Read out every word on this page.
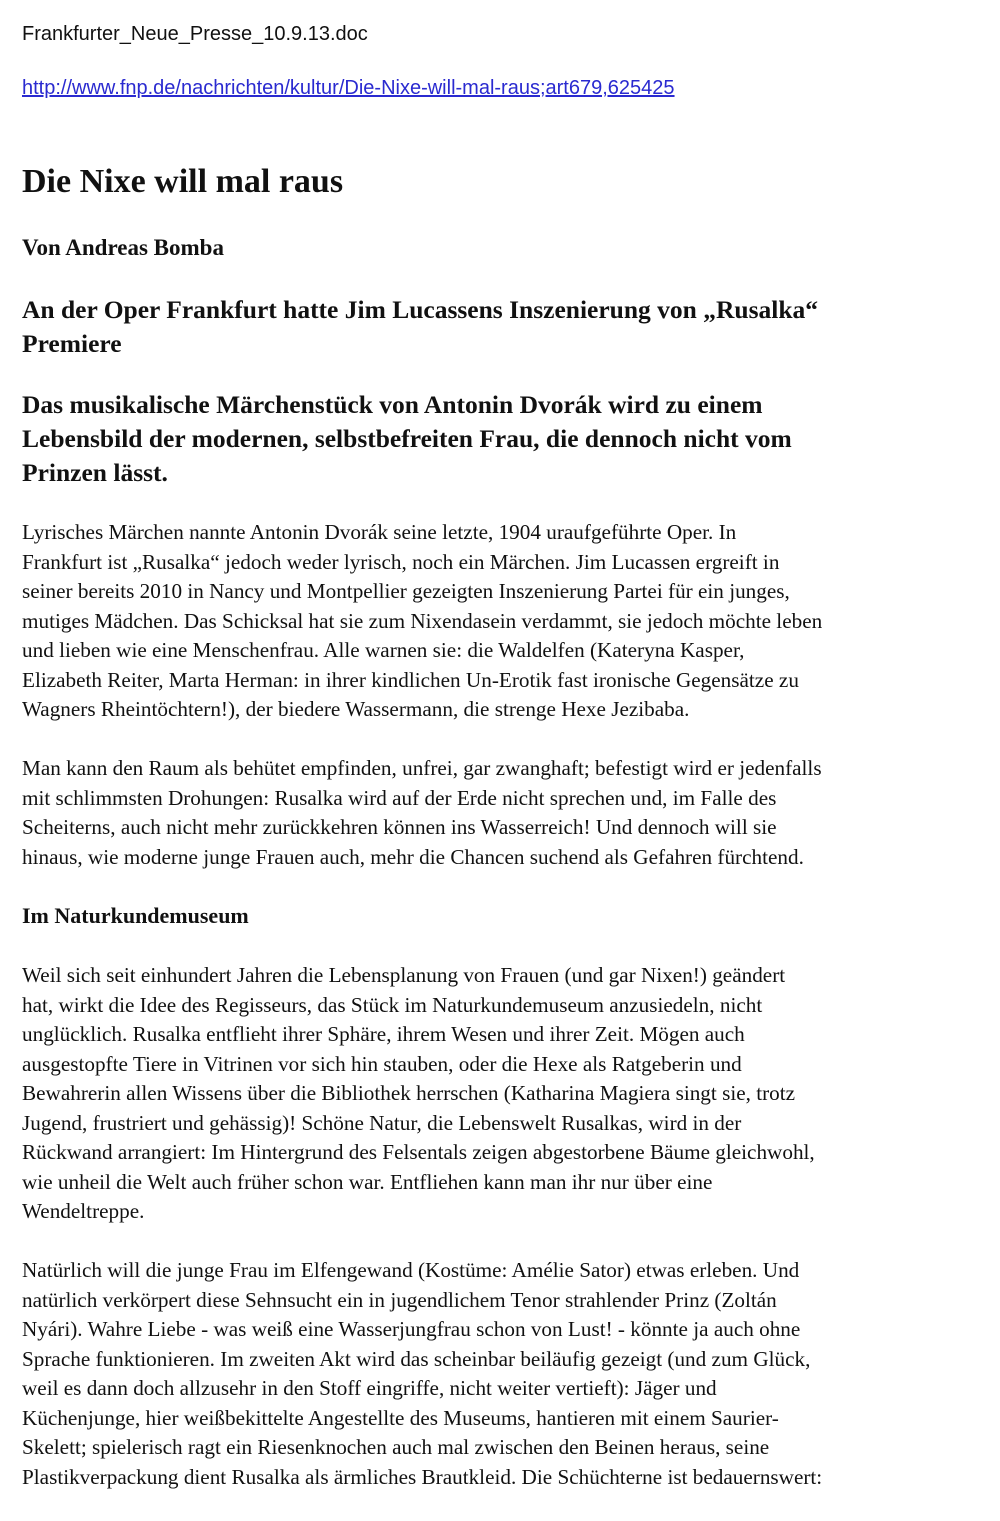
Frankfurter_Neue_Presse_10.9.13.doc
http://www.fnp.de/nachrichten/kultur/Die-Nixe-will-mal-raus;art679,625425
Die Nixe will mal raus
Von Andreas Bomba
An der Oper Frankfurt hatte Jim Lucassens Inszenierung von „Rusalka“
Premiere
Das musikalische Märchenstück von Antonin Dvorák wird zu einem
Lebensbild der modernen, selbstbefreiten Frau, die dennoch nicht vom
Prinzen lässt.

Lyrisches Märchen nannte Antonin Dvorák seine letzte, 1904 uraufgeführte Oper. In
Frankfurt ist „Rusalka“ jedoch weder lyrisch, noch ein Märchen. Jim Lucassen ergreift in
seiner bereits 2010 in Nancy und Montpellier gezeigten Inszenierung Partei für ein junges,
mutiges Mädchen. Das Schicksal hat sie zum Nixendasein verdammt, sie jedoch möchte leben
und lieben wie eine Menschenfrau. Alle warnen sie: die Waldelfen (Kateryna Kasper,
Elizabeth Reiter, Marta Herman: in ihrer kindlichen Un-Erotik fast ironische Gegensätze zu
Wagners Rheintöchtern!), der biedere Wassermann, die strenge Hexe Jezibaba.

Man kann den Raum als behütet empfinden, unfrei, gar zwanghaft; befestigt wird er jedenfalls
mit schlimmsten Drohungen: Rusalka wird auf der Erde nicht sprechen und, im Falle des
Scheiterns, auch nicht mehr zurückkehren können ins Wasserreich! Und dennoch will sie
hinaus, wie moderne junge Frauen auch, mehr die Chancen suchend als Gefahren fürchtend.

Im Naturkundemuseum

Weil sich seit einhundert Jahren die Lebensplanung von Frauen (und gar Nixen!) geändert
hat, wirkt die Idee des Regisseurs, das Stück im Naturkundemuseum anzusiedeln, nicht
unglücklich. Rusalka entflieht ihrer Sphäre, ihrem Wesen und ihrer Zeit. Mögen auch
ausgestopfte Tiere in Vitrinen vor sich hin stauben, oder die Hexe als Ratgeberin und
Bewahrerin allen Wissens über die Bibliothek herrschen (Katharina Magiera singt sie, trotz
Jugend, frustriert und gehässig)! Schöne Natur, die Lebenswelt Rusalkas, wird in der
Rückwand arrangiert: Im Hintergrund des Felsentals zeigen abgestorbene Bäume gleichwohl,
wie unheil die Welt auch früher schon war. Entfliehen kann man ihr nur über eine
Wendeltreppe.

Natürlich will die junge Frau im Elfengewand (Kostüme: Amélie Sator) etwas erleben. Und
natürlich verkörpert diese Sehnsucht ein in jugendlichem Tenor strahlender Prinz (Zoltán
Nyári). Wahre Liebe - was weiß eine Wasserjungfrau schon von Lust! - könnte ja auch ohne
Sprache funktionieren. Im zweiten Akt wird das scheinbar beiläufig gezeigt (und zum Glück,
weil es dann doch allzusehr in den Stoff eingriffe, nicht weiter vertieft): Jäger und
Küchenjunge, hier weißbekittelte Angestellte des Museums, hantieren mit einem Saurier-
Skelett; spielerisch ragt ein Riesenknochen auch mal zwischen den Beinen heraus, seine
Plastikverpackung dient Rusalka als ärmliches Brautkleid. Die Schüchterne ist bedauernswert:
